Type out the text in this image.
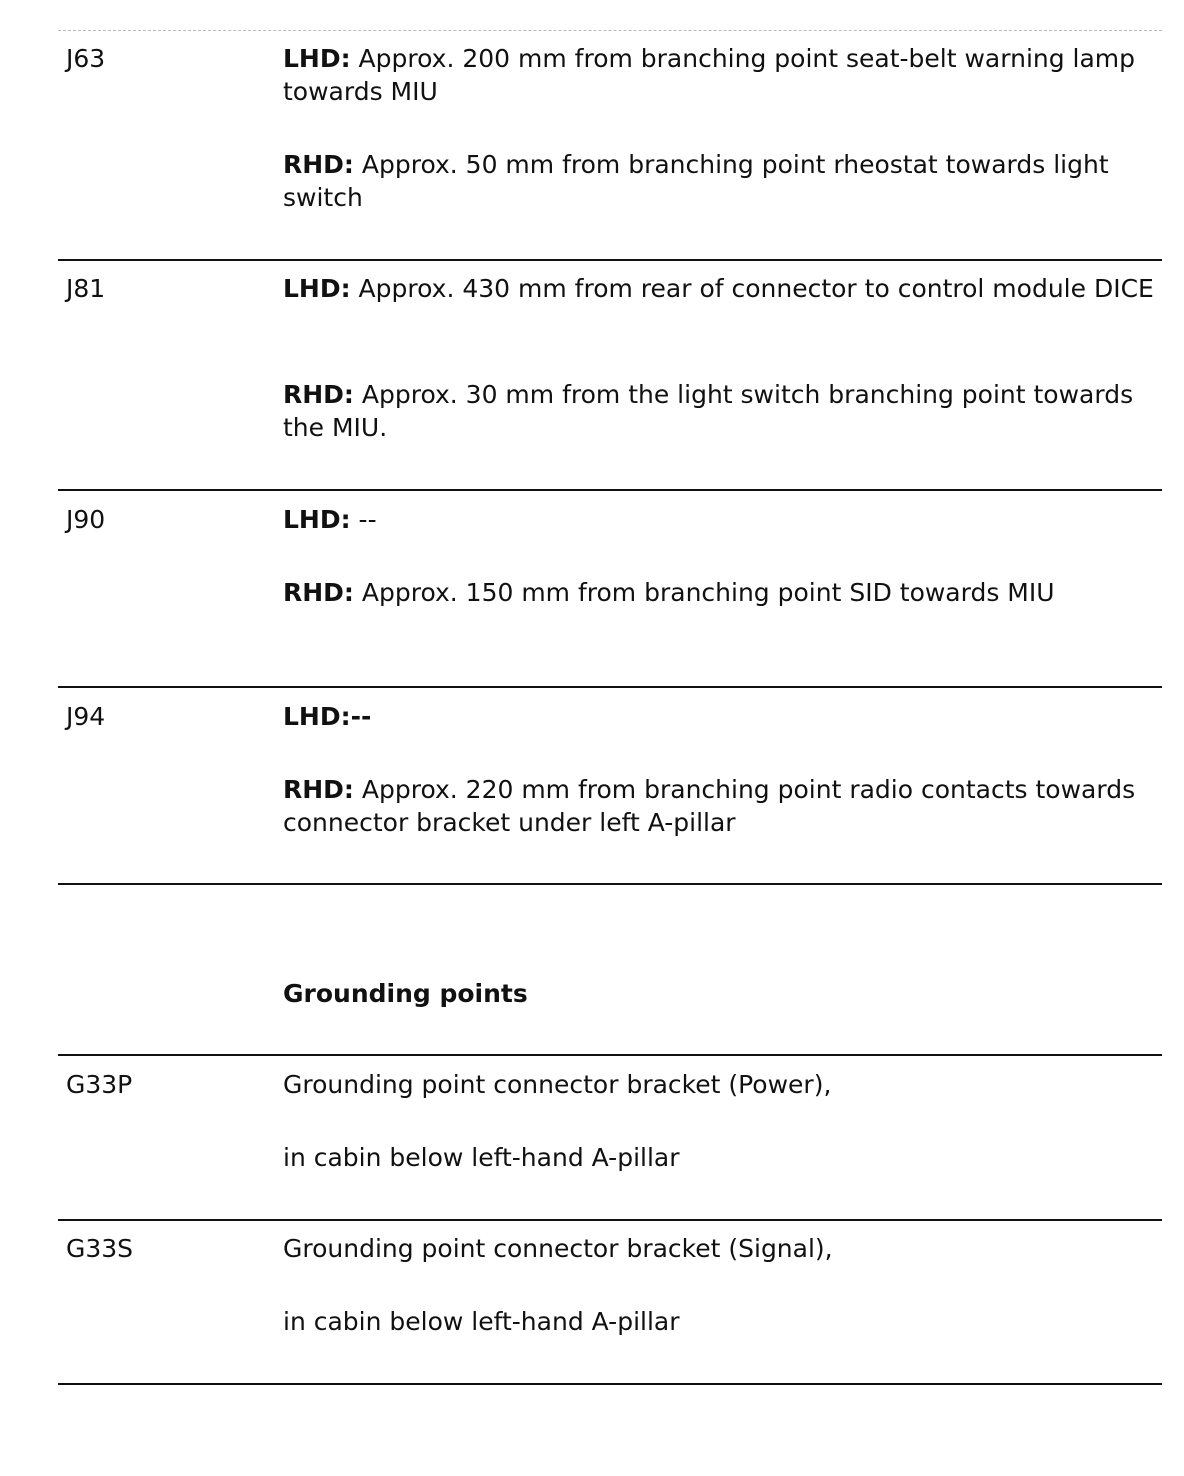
J63	LHD: Approx. 200 mm from branching point seat-belt warning lamp towards MIU
RHD: Approx. 50 mm from branching point rheostat towards light switch
J81	LHD: Approx. 430 mm from rear of connector to control module DICE
RHD: Approx. 30 mm from the light switch branching point towards the MIU.
J90	LHD: --
RHD: Approx. 150 mm from branching point SID towards MIU
J94	LHD:--
RHD: Approx. 220 mm from branching point radio contacts towards connector bracket under left A-pillar
Grounding points
G33P	Grounding point connector bracket (Power),
in cabin below left-hand A-pillar
G33S	Grounding point connector bracket (Signal),
in cabin below left-hand A-pillar
